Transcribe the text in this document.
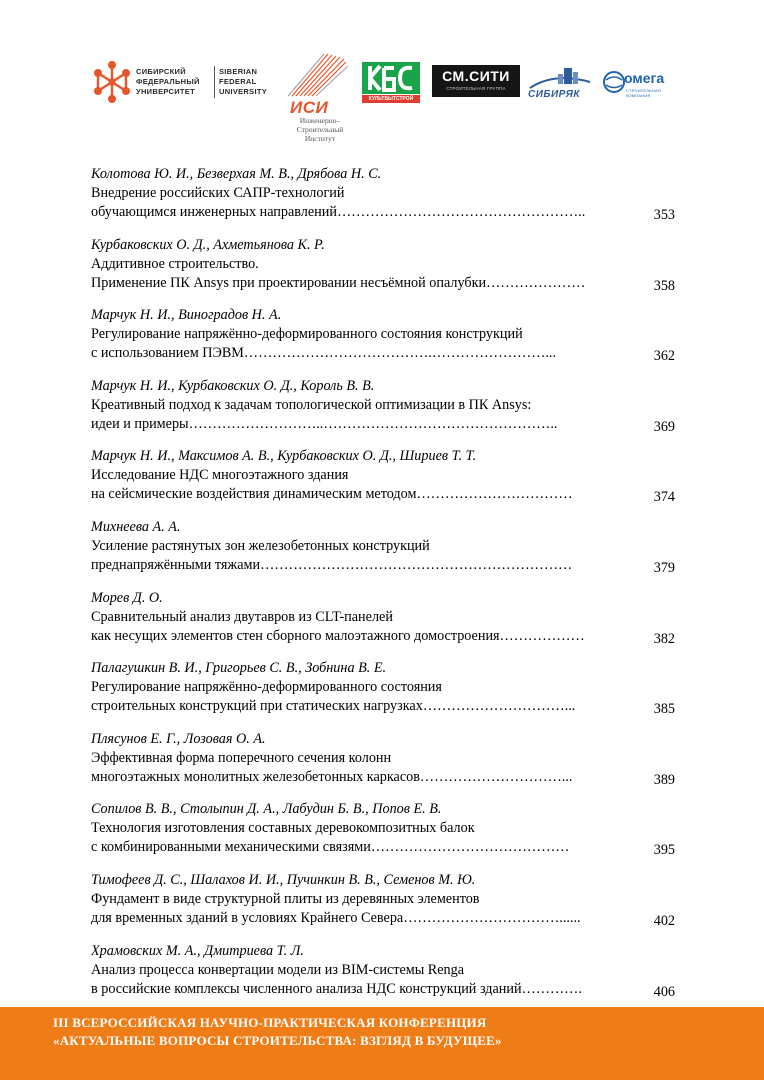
СИБИРСКИЙ
ФЕДЕРАЛЬНЫЙ
УНИВЕРСИТЕТ
SIBERIAN
FEDERAL
UNIVERSITY
ИСИ
Инженерно–
Строительный
Институт
КУЛЬТБЫТСТРОЙ
СМ.СИТИ
СТРОИТЕЛЬНАЯ ГРУППА
СИБИРЯК
омега
СТРОИТЕЛЬНАЯ КОМПАНИЯ
Колотова Ю. И., Безверхая М. В., Дрябова Н. С.
Внедрение российских САПР-технологий
обучающимся инженерных направлений……………………………………………..	353
Курбаковских О. Д., Ахметьянова К. Р.
Аддитивное строительство.
Применение ПК Ansys при проектировании несъёмной опалубки…………………	358
Марчук Н. И., Виноградов Н. А.
Регулирование напряжённо-деформированного состояния конструкций
с использованием ПЭВМ………………………………….……………………...	362
Марчук Н. И., Курбаковских О. Д., Король В. В.
Креативный подход к задачам топологической оптимизации в ПК Ansys:
идеи и примеры………………………..…………………………………………..	369
Марчук Н. И., Максимов А. В., Курбаковских О. Д., Шириев Т. Т.
Исследование НДС многоэтажного здания
на сейсмические воздействия динамическим методом……………………………	374
Михнеева А. А.
Усиление растянутых зон железобетонных конструкций
преднапряжёнными тяжами…………………………………………………………	379
Морев Д. О.
Сравнительный анализ двутавров из CLT-панелей
как несущих элементов стен сборного малоэтажного домостроения………………	382
Палагушкин В. И., Григорьев С. В., Зобнина В. Е.
Регулирование напряжённо-деформированного состояния
строительных конструкций при статических нагрузках…………………………...	385
Плясунов Е. Г., Лозовая О. А.
Эффективная форма поперечного сечения колонн
многоэтажных монолитных железобетонных каркасов…………………………...	389
Сопилов В. В., Столыпин Д. А., Лабудин Б. В., Попов Е. В.
Технология изготовления составных деревокомпозитных балок
с комбинированными механическими связями……………………………………	395
Тимофеев Д. С., Шалахов И. И., Пучинкин В. В., Семенов М. Ю.
Фундамент в виде структурной плиты из деревянных элементов
для временных зданий в условиях Крайнего Севера……………………………......	402
Храмовских М. А., Дмитриева Т. Л.
Анализ процесса конвертации модели из BIM-системы Renga
в российские комплексы численного анализа НДС конструкций зданий………….	406
III ВСЕРОССИЙСКАЯ НАУЧНО-ПРАКТИЧЕСКАЯ КОНФЕРЕНЦИЯ
«АКТУАЛЬНЫЕ ВОПРОСЫ СТРОИТЕЛЬСТВА: ВЗГЛЯД В БУДУЩЕЕ»
